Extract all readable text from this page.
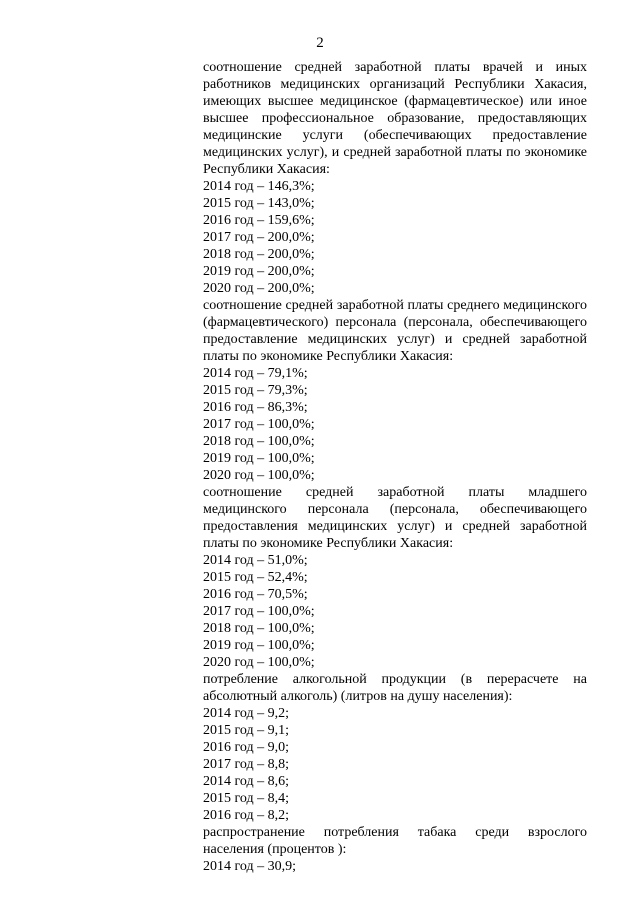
2

соотношение средней заработной платы врачей и иных работников медицинских организаций Республики Хакасия, имеющих высшее медицинское (фармацевтическое) или иное высшее профессиональное образование, предоставляющих медицинские услуги (обеспечивающих предоставление медицинских услуг), и средней заработной платы по экономике Республики Хакасия:

2014 год – 146,3%;

2015 год – 143,0%;

2016 год – 159,6%;

2017 год – 200,0%;

2018 год – 200,0%;

2019 год – 200,0%;

2020 год – 200,0%;

соотношение средней заработной платы среднего медицинского (фармацевтического) персонала (персонала, обеспечивающего предоставление медицинских услуг) и средней заработной платы по экономике Республики Хакасия:

2014 год – 79,1%;

2015 год – 79,3%;

2016 год – 86,3%;

2017 год – 100,0%;

2018 год – 100,0%;

2019 год – 100,0%;

2020 год – 100,0%;

соотношение средней заработной платы младшего медицинского персонала (персонала, обеспечивающего предоставления медицинских услуг) и средней заработной платы по экономике Республики Хакасия:

2014 год – 51,0%;

2015 год – 52,4%;

2016 год – 70,5%;

2017 год – 100,0%;

2018 год – 100,0%;

2019 год – 100,0%;

2020 год – 100,0%;

потребление алкогольной продукции (в перерасчете на абсолютный алкоголь) (литров на душу населения):

2014 год – 9,2;

2015 год – 9,1;

2016 год – 9,0;

2017 год – 8,8;

2014 год – 8,6;

2015 год – 8,4;

2016 год – 8,2;

распространение потребления табака среди взрослого населения (процентов ):

2014 год – 30,9;
